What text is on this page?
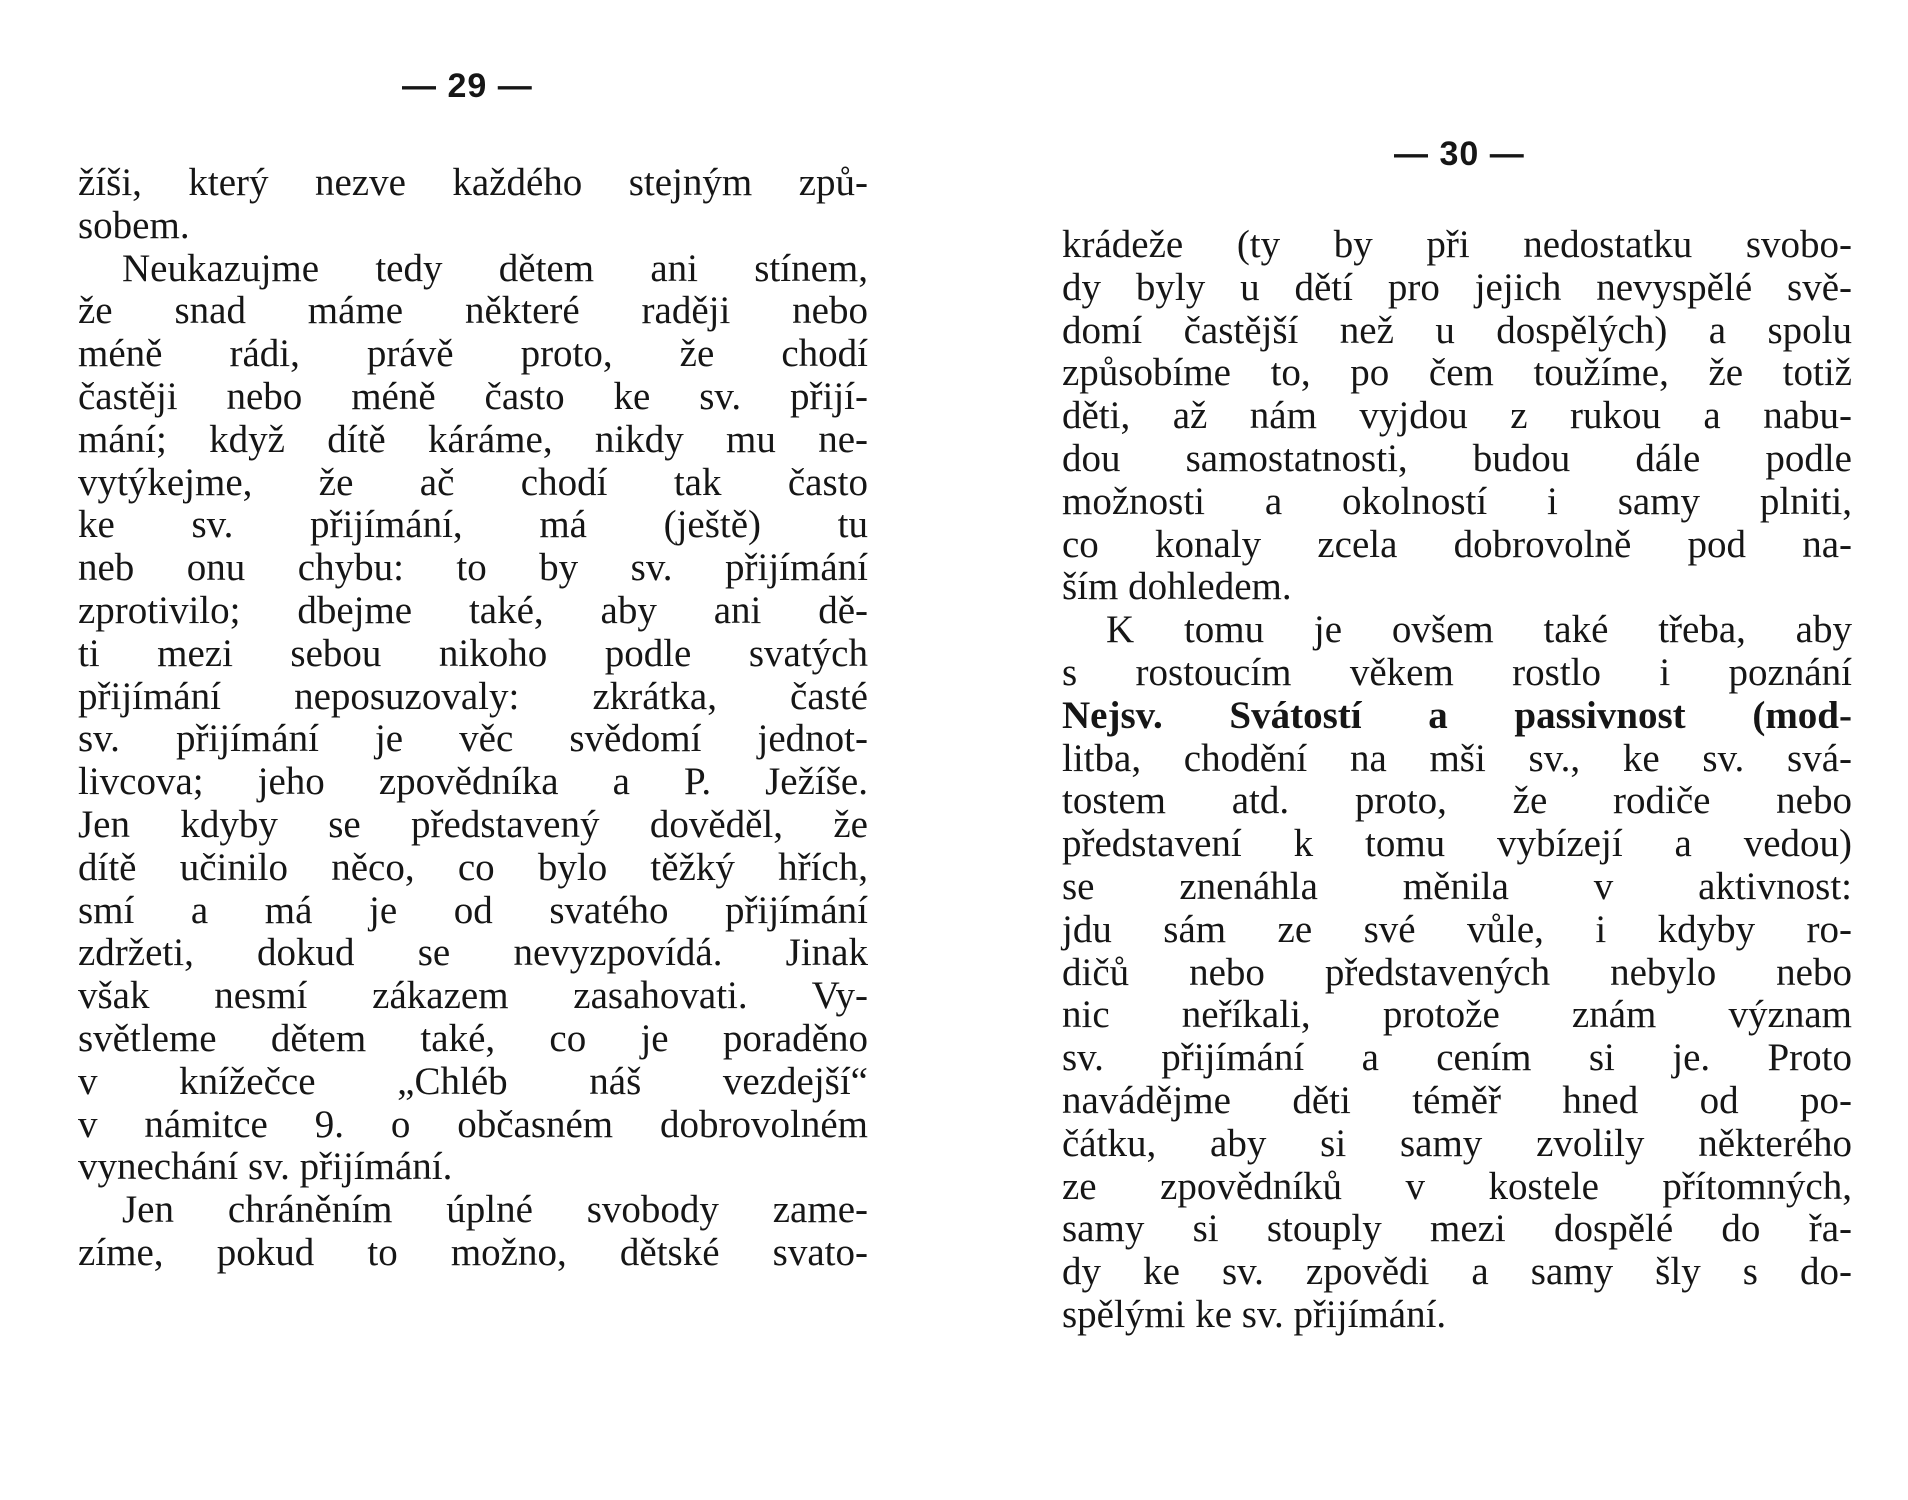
— 29 —
žíši, který nezve každého stejným způ-
sobem.
Neukazujme tedy dětem ani stínem,
že snad máme některé raději nebo
méně rádi, právě proto, že chodí
častěji nebo méně často ke sv. přijí-
mání; když dítě káráme, nikdy mu ne-
vytýkejme, že ač chodí tak často
ke sv. přijímání, má (ještě) tu
neb onu chybu: to by sv. přijímání
zprotivilo; dbejme také, aby ani dě-
ti mezi sebou nikoho podle svatých
přijímání neposuzovaly: zkrátka, časté
sv. přijímání je věc svědomí jednot-
livcova; jeho zpovědníka a P. Ježíše.
Jen kdyby se představený dověděl, že
dítě učinilo něco, co bylo těžký hřích,
smí a má je od svatého přijímání
zdržeti, dokud se nevyzpovídá. Jinak
však nesmí zákazem zasahovati. Vy-
světleme dětem také, co je poraděno
v knížečce „Chléb náš vezdejší“
v námitce 9. o občasném dobrovolném
vynechání sv. přijímání.
Jen chráněním úplné svobody zame-
zíme, pokud to možno, dětské svato-
— 30 —
krádeže (ty by při nedostatku svobo-
dy byly u dětí pro jejich nevyspělé svě-
domí častější než u dospělých) a spolu
způsobíme to, po čem toužíme, že totiž
děti, až nám vyjdou z rukou a nabu-
dou samostatnosti, budou dále podle
možnosti a okolností i samy plniti,
co konaly zcela dobrovolně pod na-
ším dohledem.
K tomu je ovšem také třeba, aby
s rostoucím věkem rostlo i poznání
Nejsv. Svátostí a passivnost (mod-
litba, chodění na mši sv., ke sv. svá-
tostem atd. proto, že rodiče nebo
představení k tomu vybízejí a vedou)
se znenáhla měnila v aktivnost:
jdu sám ze své vůle, i kdyby ro-
dičů nebo představených nebylo nebo
nic neříkali, protože znám význam
sv. přijímání a cením si je. Proto
navádějme děti téměř hned od po-
čátku, aby si samy zvolily některého
ze zpovědníků v kostele přítomných,
samy si stouply mezi dospělé do řa-
dy ke sv. zpovědi a samy šly s do-
spělými ke sv. přijímání.
